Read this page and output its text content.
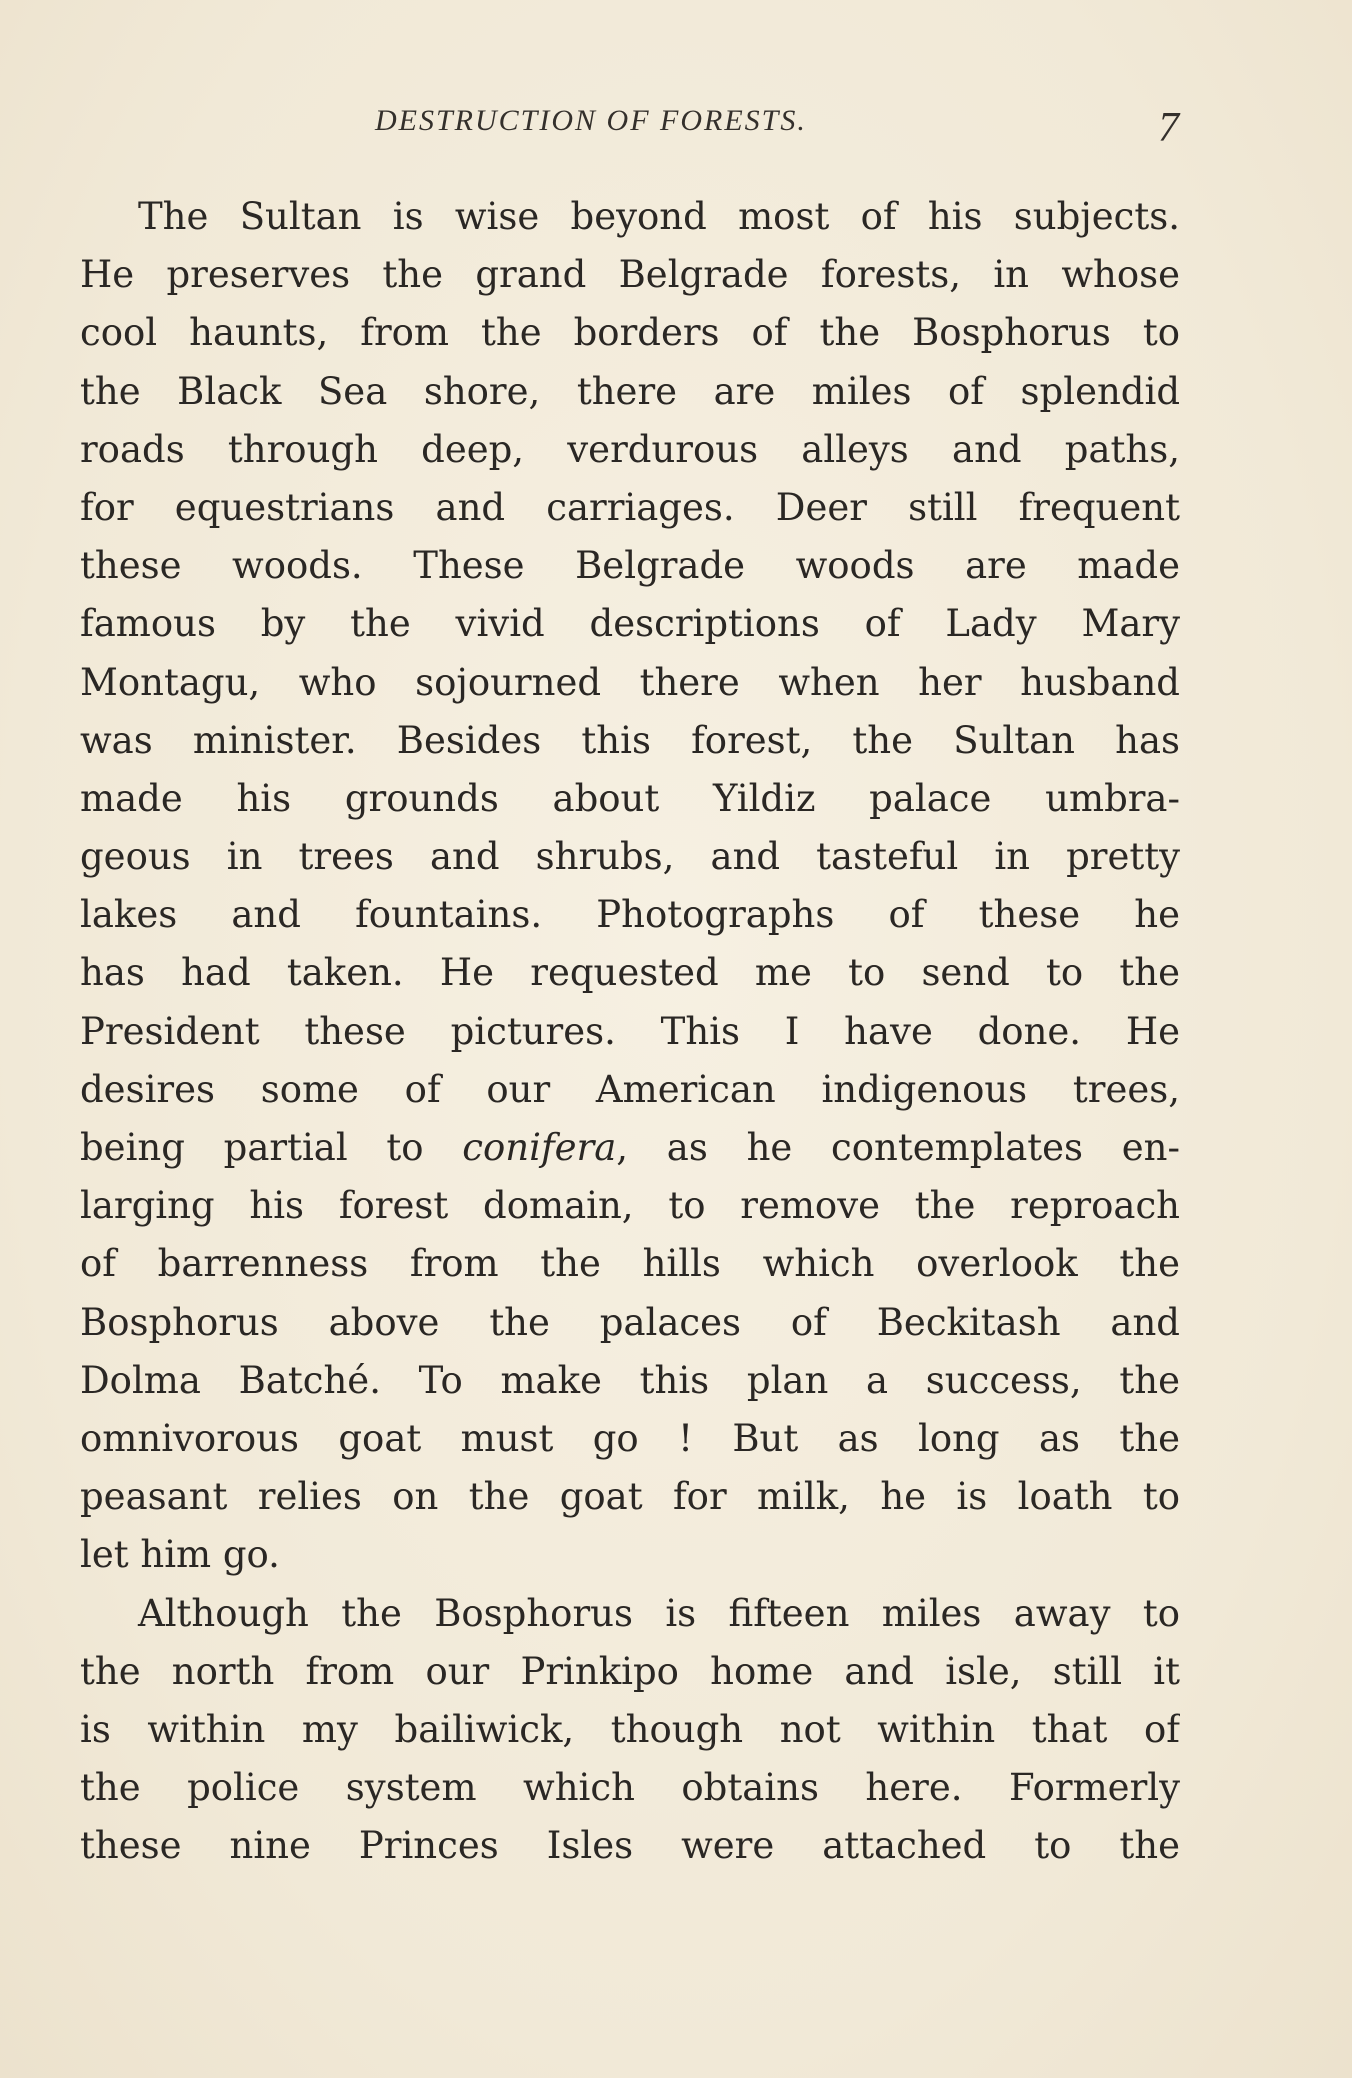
DESTRUCTION OF FORESTS.	7
The Sultan is wise beyond most of his subjects.
He preserves the grand Belgrade forests, in whose
cool haunts, from the borders of the Bosphorus to
the Black Sea shore, there are miles of splendid
roads through deep, verdurous alleys and paths,
for equestrians and carriages. Deer still frequent
these woods. These Belgrade woods are made
famous by the vivid descriptions of Lady Mary
Montagu, who sojourned there when her husband
was minister. Besides this forest, the Sultan has
made his grounds about Yildiz palace umbra-
geous in trees and shrubs, and tasteful in pretty
lakes and fountains. Photographs of these he
has had taken. He requested me to send to the
President these pictures. This I have done. He
desires some of our American indigenous trees,
being partial to conifera, as he contemplates en-
larging his forest domain, to remove the reproach
of barrenness from the hills which overlook the
Bosphorus above the palaces of Beckitash and
Dolma Batché. To make this plan a success, the
omnivorous goat must go ! But as long as the
peasant relies on the goat for milk, he is loath to
let him go.
Although the Bosphorus is fifteen miles away to
the north from our Prinkipo home and isle, still it
is within my bailiwick, though not within that of
the police system which obtains here. Formerly
these nine Princes Isles were attached to the
